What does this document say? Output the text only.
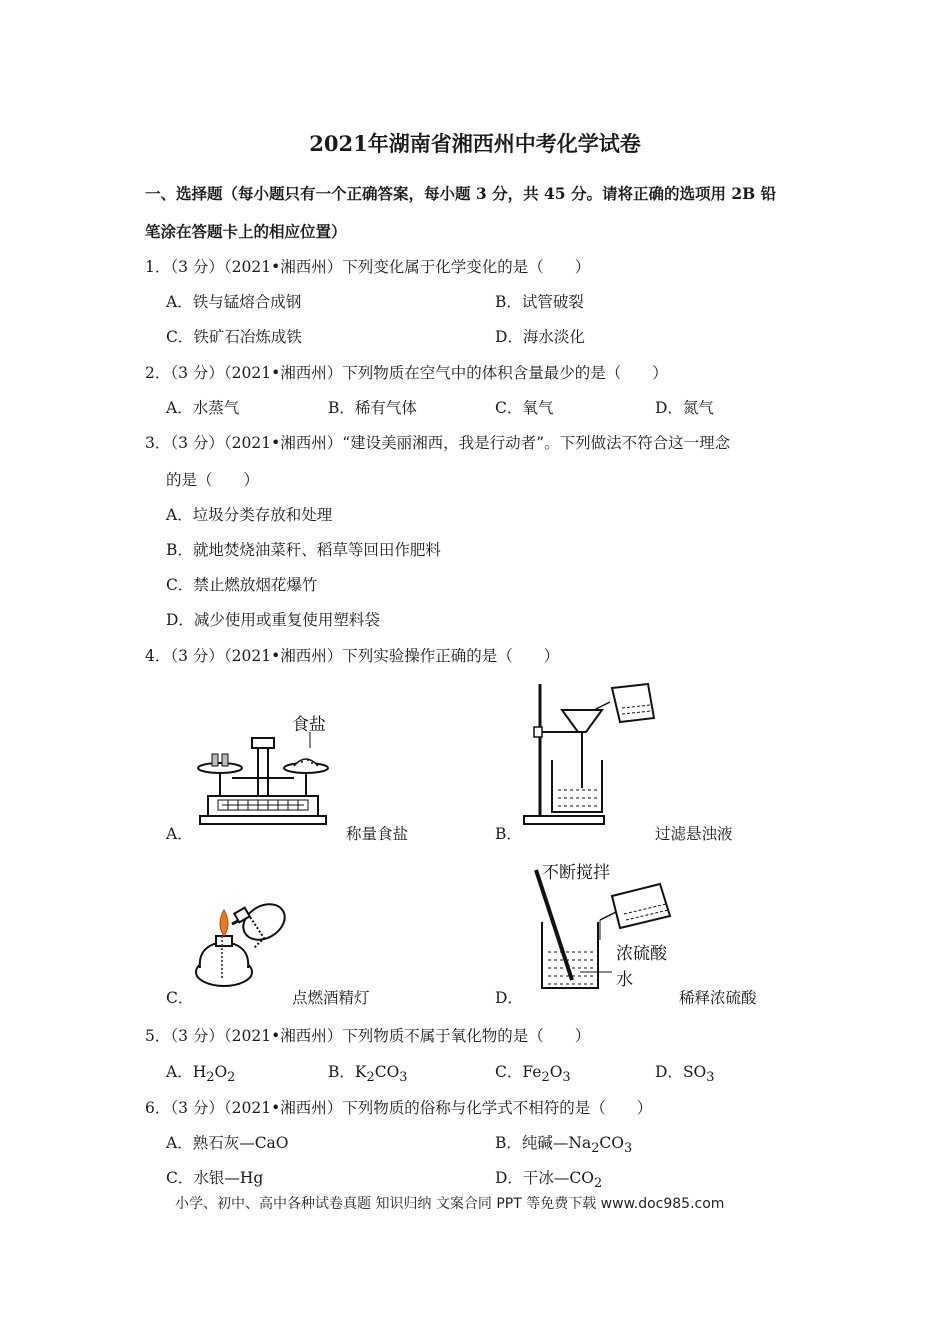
2021年湖南省湘西州中考化学试卷
一、选择题（每小题只有一个正确答案，每小题 3 分，共 45 分。请将正确的选项用 2B 铅
笔涂在答题卡上的相应位置）
1．（3 分）（2021•湘西州）下列变化属于化学变化的是（　　）
A．铁与锰熔合成钢	B．试管破裂
C．铁矿石冶炼成铁	D．海水淡化
2．（3 分）（2021•湘西州）下列物质在空气中的体积含量最少的是（　　）
A．水蒸气	B．稀有气体	C．氧气	D．氮气
3．（3 分）（2021•湘西州）“建设美丽湘西，我是行动者”。下列做法不符合这一理念
的是（　　）
A．垃圾分类存放和处理
B．就地焚烧油菜秆、稻草等回田作肥料
C．禁止燃放烟花爆竹
D．减少使用或重复使用塑料袋
4．（3 分）（2021•湘西州）下列实验操作正确的是（　　）
食盐
A．	称量食盐	B．	过滤悬浊液
C．	点燃酒精灯
不断搅拌
浓硫酸
水
D．	稀释浓硫酸
5．（3 分）（2021•湘西州）下列物质不属于氧化物的是（　　）
A．$H_2O_2$	B．$K_2CO_3$	C．$Fe_2O_3$	D．$SO_3$
6．（3 分）（2021•湘西州）下列物质的俗称与化学式不相符的是（　　）
A．熟石灰—CaO	B．纯碱$—Na_2CO_3$
C．水银—Hg	D．干冰$—CO_2$
小学、初中、高中各种试卷真题 知识归纳 文案合同 PPT 等免费下载 www.doc985.com
